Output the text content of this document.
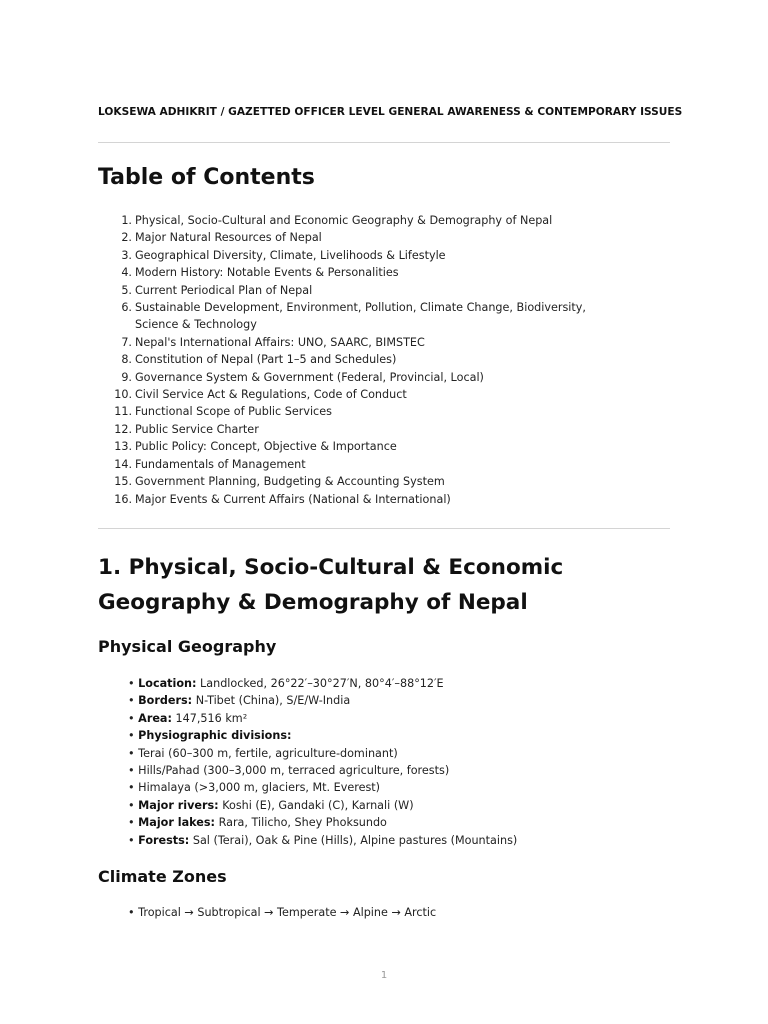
LOKSEWA ADHIKRIT / GAZETTED OFFICER LEVEL GENERAL AWARENESS & CONTEMPORARY ISSUES
Table of Contents
1. Physical, Socio-Cultural and Economic Geography & Demography of Nepal
2. Major Natural Resources of Nepal
3. Geographical Diversity, Climate, Livelihoods & Lifestyle
4. Modern History: Notable Events & Personalities
5. Current Periodical Plan of Nepal
6. Sustainable Development, Environment, Pollution, Climate Change, Biodiversity, Science & Technology
7. Nepal's International Affairs: UNO, SAARC, BIMSTEC
8. Constitution of Nepal (Part 1–5 and Schedules)
9. Governance System & Government (Federal, Provincial, Local)
10. Civil Service Act & Regulations, Code of Conduct
11. Functional Scope of Public Services
12. Public Service Charter
13. Public Policy: Concept, Objective & Importance
14. Fundamentals of Management
15. Government Planning, Budgeting & Accounting System
16. Major Events & Current Affairs (National & International)
1. Physical, Socio-Cultural & Economic Geography & Demography of Nepal
Physical Geography
• Location: Landlocked, 26°22′–30°27′N, 80°4′–88°12′E
• Borders: N-Tibet (China), S/E/W-India
• Area: 147,516 km²
• Physiographic divisions:
• Terai (60–300 m, fertile, agriculture-dominant)
• Hills/Pahad (300–3,000 m, terraced agriculture, forests)
• Himalaya (>3,000 m, glaciers, Mt. Everest)
• Major rivers: Koshi (E), Gandaki (C), Karnali (W)
• Major lakes: Rara, Tilicho, Shey Phoksundo
• Forests: Sal (Terai), Oak & Pine (Hills), Alpine pastures (Mountains)
Climate Zones
• Tropical → Subtropical → Temperate → Alpine → Arctic
1
